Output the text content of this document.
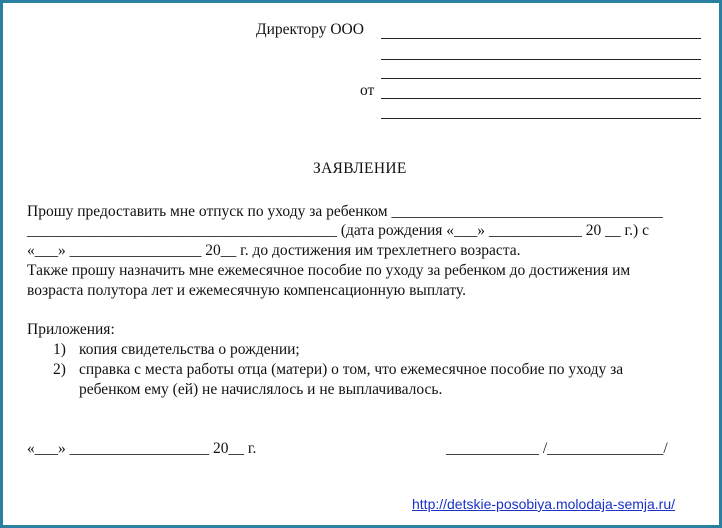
Директору ООО
от
ЗАЯВЛЕНИЕ
Прошу предоставить мне отпуск по уходу за ребенком ___________________________________
________________________________________ (дата рождения «___» ____________ 20 __ г.) с
«___» _________________ 20__ г. до достижения им трехлетнего возраста.
Также прошу назначить мне ежемесячное пособие по уходу за ребенком до достижения им
возраста полутора лет и ежемесячную компенсационную выплату.
Приложения:
1) копия свидетельства о рождении;
2) справка с места работы отца (матери) о том, что ежемесячное пособие по уходу за
ребенком ему (ей) не начислялось и не выплачивалось.
«___» __________________ 20__ г.	____________ /_______________/
http://detskie-posobiya.molodaja-semja.ru/
